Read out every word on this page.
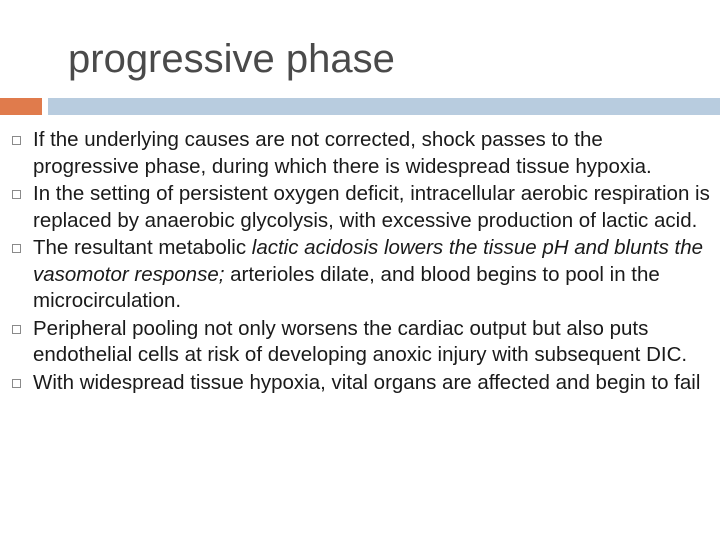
progressive phase
If the underlying causes are not corrected, shock passes to the progressive phase, during which there is widespread tissue hypoxia.
In the setting of persistent oxygen deficit, intracellular aerobic respiration is replaced by anaerobic glycolysis, with excessive production of lactic acid.
The resultant metabolic lactic acidosis lowers the tissue pH and blunts the vasomotor response; arterioles dilate, and blood begins to pool in the microcirculation.
Peripheral pooling not only worsens the cardiac output but also puts endothelial cells at risk of developing anoxic injury with subsequent DIC.
With widespread tissue hypoxia, vital organs are affected and begin to fail
